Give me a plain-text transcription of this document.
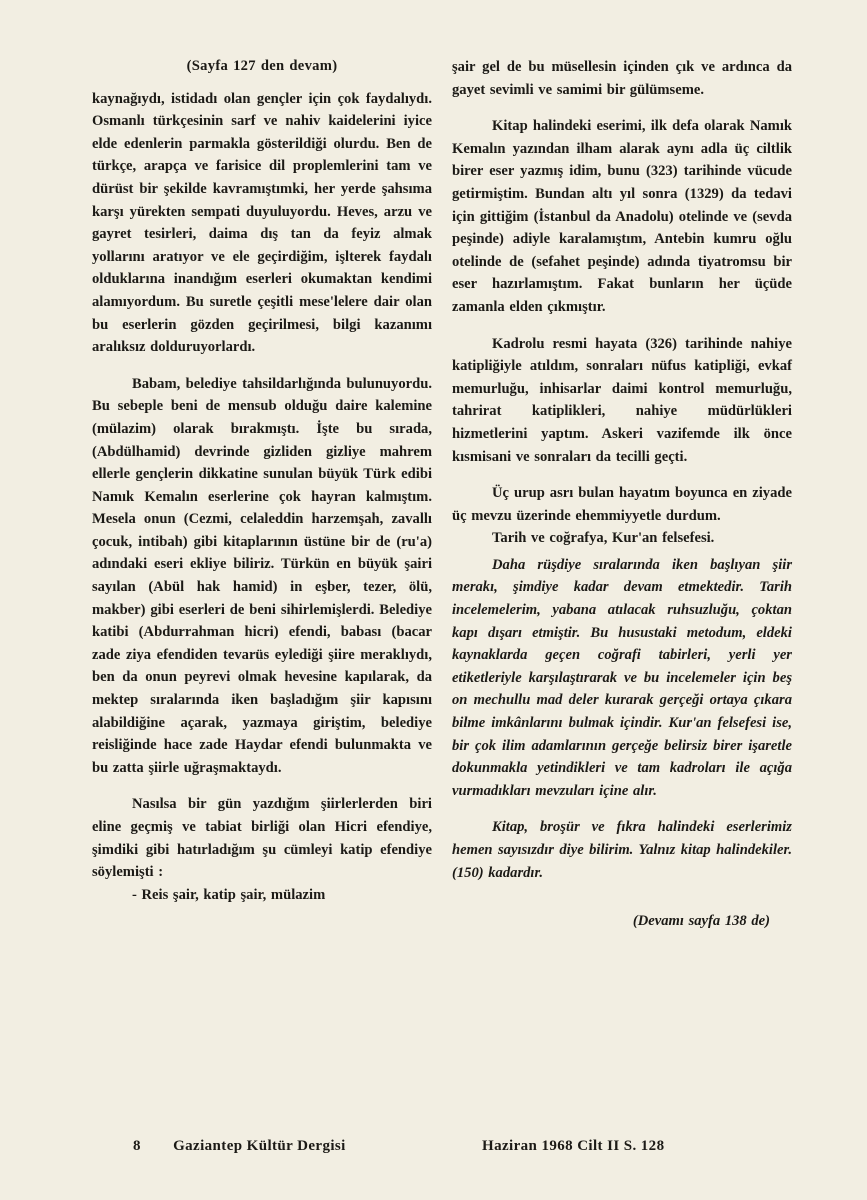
(Sayfa 127 den devam)

kaynağıydı, istidadı olan gençler için çok faydalıydı. Osmanlı türkçesinin sarf ve nahiv kaidelerini iyice elde edenlerin parmakla gösterildiği olurdu. Ben de türkçe, arapça ve farisice dil proplemlerini tam ve dürüst bir şekilde kavramıştımki, her yerde şahsıma karşı yürekten sempati duyuluyordu. Heves, arzu ve gayret tesirleri, daima dış tan da feyiz almak yollarını aratıyor ve ele geçirdiğim, işlterek faydalı olduklarına inandığım eserleri okumaktan kendimi alamıyordum. Bu suretle çeşitli mese'lelere dair olan bu eserlerin gözden geçirilmesi, bilgi kazanımı aralıksız dolduruyorlardı.

Babam, belediye tahsildarlığında bulunuyordu. Bu sebeple beni de mensub olduğu daire kalemine (mülazim) olarak bırakmıştı. İşte bu sırada, (Abdülhamid) devrinde gizliden gizliye mahrem ellerle gençlerin dikkatine sunulan büyük Türk edibi Namık Kemalın eserlerine çok hayran kalmıştım. Mesela onun (Cezmi, celaleddin harzemşah, zavallı çocuk, intibah) gibi kitaplarının üstüne bir de (ru'a) adındaki eseri ekliye biliriz. Türkün en büyük şairi sayılan (Abül hak hamid) in eşber, tezer, ölü, makber) gibi eserleri de beni sihirlemişlerdi. Belediye katibi (Abdurrahman hicri) efendi, babası (bacar zade ziya efendiden tevarüs eylediği şiire meraklıydı, ben da onun peyrevi olmak hevesine kapılarak, da mektep sıralarında iken başladığım şiir kapısını alabildiğine açarak, yazmaya giriştim, belediye reisliğinde hace zade Haydar efendi bulunmakta ve bu zatta şiirle uğraşmaktaydı.

Nasılsa bir gün yazdığım şiirlerlerden biri eline geçmiş ve tabiat birliği olan Hicri efendiye, şimdiki gibi hatırladığım şu cümleyi katip efendiye söylemişti :

- Reis şair, katip şair, mülazim

şair gel de bu müsellesin içinden çık ve ardınca da gayet sevimli ve samimi bir gülümseme.

Kitap halindeki eserimi, ilk defa olarak Namık Kemalın yazından ilham alarak aynı adla üç ciltlik birer eser yazmış idim, bunu (323) tarihinde vücude getirmiştim. Bundan altı yıl sonra (1329) da tedavi için gittiğim (İstanbul da Anadolu) otelinde ve (sevda peşinde) adiyle karalamıştım, Antebin kumru oğlu otelinde de (sefahet peşinde) adında tiyatromsu bir eser hazırlamıştım. Fakat bunların her üçüde zamanla elden çıkmıştır.

Kadrolu resmi hayata (326) tarihinde nahiye katipliğiyle atıldım, sonraları nüfus katipliği, evkaf memurluğu, inhisarlar daimi kontrol memurluğu, tahrirat katiplikleri, nahiye müdürlükleri hizmetlerini yaptım. Askeri vazifemde ilk önce kısmisani ve sonraları da tecilli geçti.

Üç urup asrı bulan hayatım boyunca en ziyade üç mevzu üzerinde ehemmiyyetle durdum.

Tarih ve coğrafya, Kur'an felsefesi.

Daha rüşdiye sıralarında iken başlıyan şiir merakı, şimdiye kadar devam etmektedir. Tarih incelemelerim, yabana atılacak ruhsuzluğu, çoktan kapı dışarı etmiştir. Bu husustaki metodum, eldeki kaynaklarda geçen coğrafi tabirleri, yerli yer etiketleriyle karşılaştırarak ve bu incelemeler için beş on mechullu mad deler kurarak gerçeği ortaya çıkara bilme imkânlarını bulmak içindir. Kur'an felsefesi ise, bir çok ilim adamlarının gerçeğe belirsiz birer işaretle dokunmakla yetindikleri ve tam kadroları ile açığa vurmadıkları mevzuları içine alır.

Kitap, broşür ve fıkra halindeki eserlerimiz hemen sayısızdır diye bilirim. Yalnız kitap halindekiler. (150) kadardır.

(Devamı sayfa 138 de)
8 Gaziantep Kültür Dergisi	Haziran 1968 Cilt II S. 128
